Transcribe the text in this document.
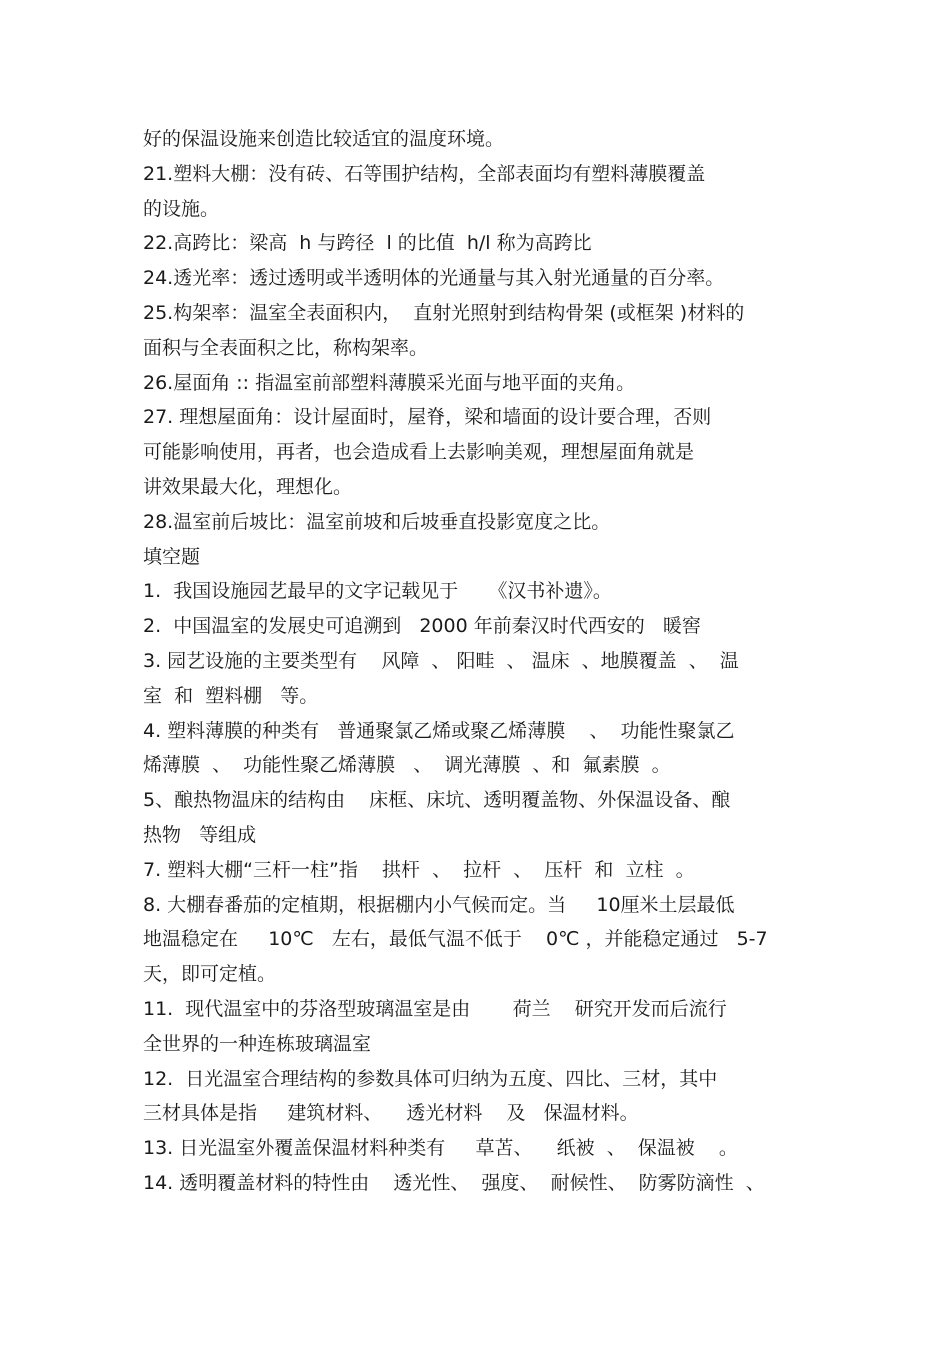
好的保温设施来创造比较适宜的温度环境。
21.塑料大棚：没有砖、石等围护结构，全部表面均有塑料薄膜覆盖
的设施。
22.高跨比：梁高  h 与跨径  l 的比值  h/l 称为高跨比
24.透光率：透过透明或半透明体的光通量与其入射光通量的百分率。
25.构架率：温室全表面积内，  直射光照射到结构骨架 (或框架 )材料的
面积与全表面积之比，称构架率。
26.屋面角 :: 指温室前部塑料薄膜采光面与地平面的夹角。
27. 理想屋面角：设计屋面时，屋脊，梁和墙面的设计要合理，否则
可能影响使用，再者，也会造成看上去影响美观，理想屋面角就是
讲效果最大化，理想化。
28.温室前后坡比：温室前坡和后坡垂直投影宽度之比。
填空题
1.  我国设施园艺最早的文字记载见于     《汉书补遗》。
2.  中国温室的发展史可追溯到   2000 年前秦汉时代西安的   暖窖
3. 园艺设施的主要类型有    风障  、 阳畦  、 温床  、地膜覆盖  、  温
室  和  塑料棚   等。
4. 塑料薄膜的种类有   普通聚氯乙烯或聚乙烯薄膜    、  功能性聚氯乙
烯薄膜  、  功能性聚乙烯薄膜   、  调光薄膜  、和  氟素膜  。
5、酿热物温床的结构由    床框、床坑、透明覆盖物、外保温设备、酿
热物   等组成
7. 塑料大棚“三杆一柱”指    拱杆  、  拉杆  、  压杆  和  立柱  。
8. 大棚春番茄的定植期，根据棚内小气候而定。当     10厘米土层最低
地温稳定在     10℃   左右，最低气温不低于    0℃ ，并能稳定通过   5-7
天，即可定植。
11.  现代温室中的芬洛型玻璃温室是由       荷兰    研究开发而后流行
全世界的一种连栋玻璃温室
12.  日光温室合理结构的参数具体可归纳为五度、四比、三材，其中
三材具体是指     建筑材料、    透光材料    及   保温材料。
13. 日光温室外覆盖保温材料种类有     草苫、    纸被  、  保温被    。
14. 透明覆盖材料的特性由    透光性、  强度、  耐候性、  防雾防滴性  、
